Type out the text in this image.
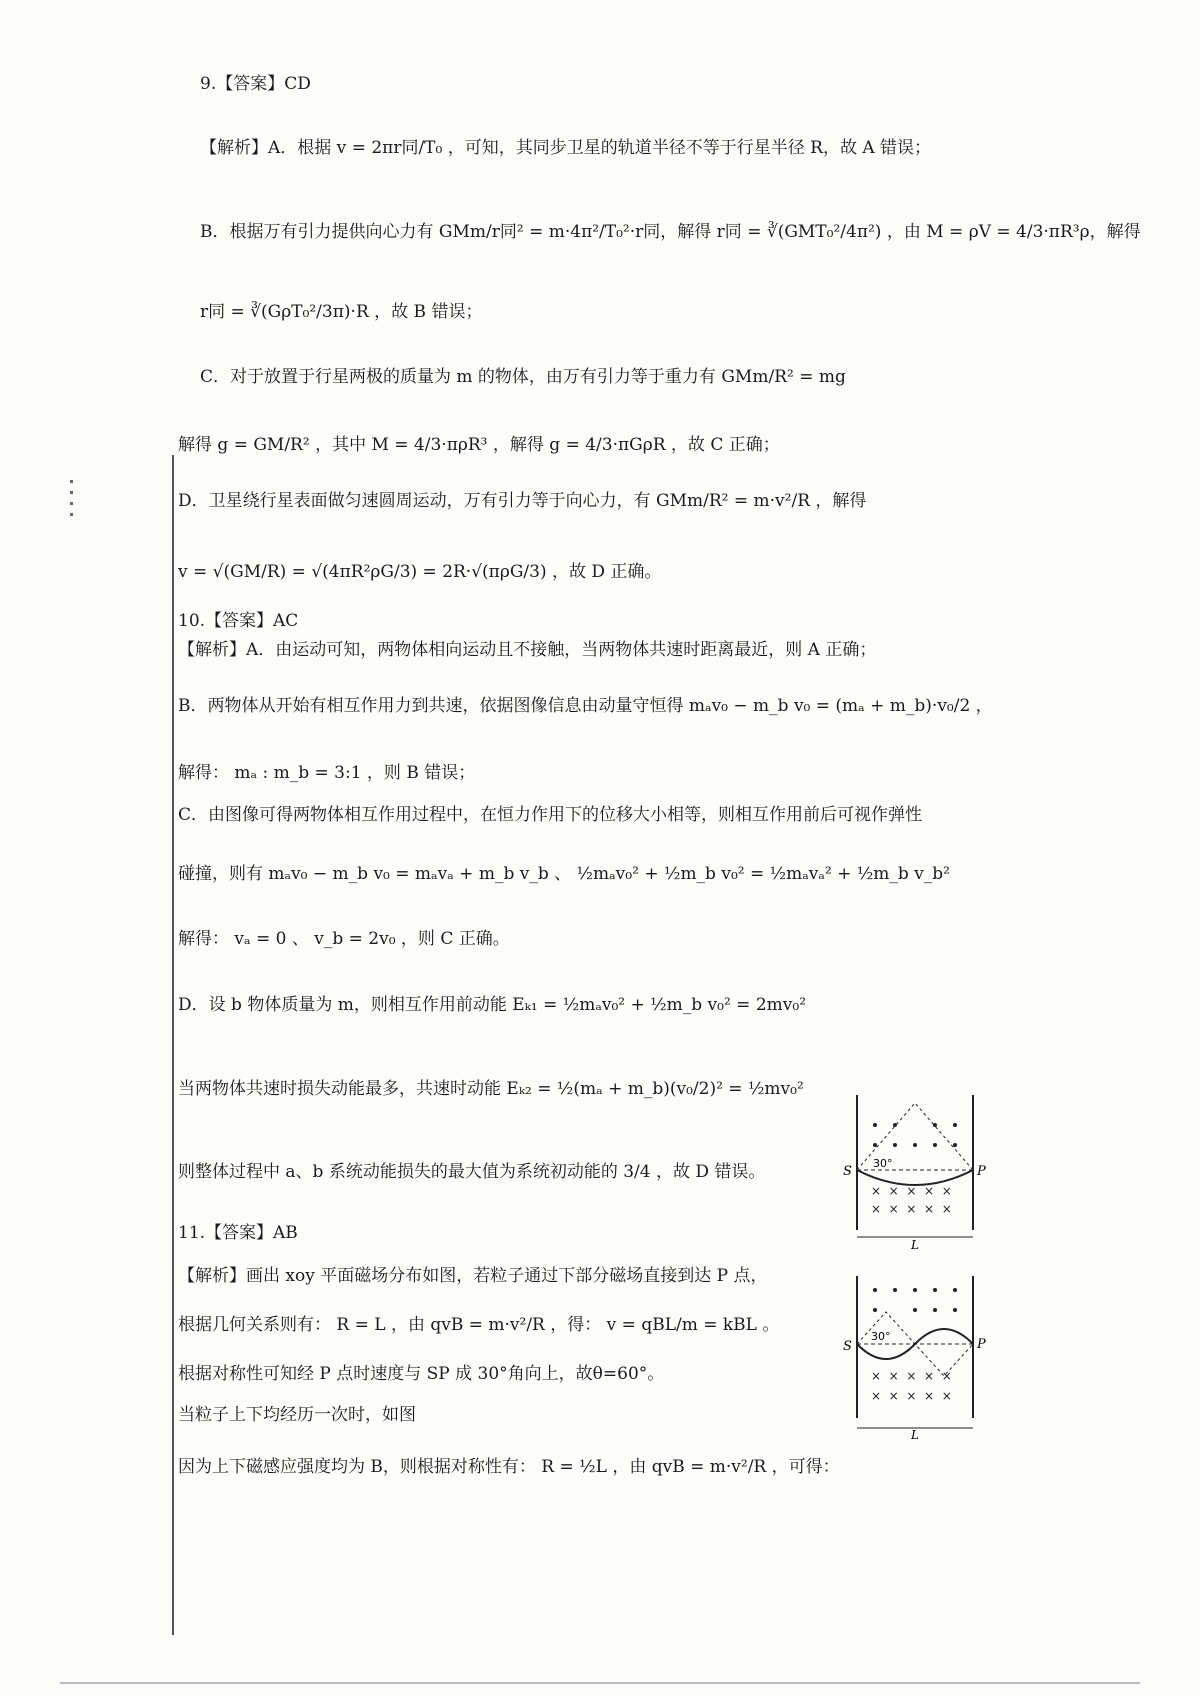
9.【答案】CD
【解析】A．根据 v = 2πr同/T₀ ，可知，其同步卫星的轨道半径不等于行星半径 R，故 A 错误；
B．根据万有引力提供向心力有 GMm/r同² = m·4π²/T₀²·r同，解得 r同 = ∛(GMT₀²/4π²) ，由 M = ρV = 4/3·πR³ρ，解得
r同 = ∛(GρT₀²/3π)·R ，故 B 错误；
C．对于放置于行星两极的质量为 m 的物体，由万有引力等于重力有 GMm/R² = mg
解得 g = GM/R² ，其中 M = 4/3·πρR³ ，解得 g = 4/3·πGρR ，故 C 正确；
D．卫星绕行星表面做匀速圆周运动，万有引力等于向心力，有 GMm/R² = m·v²/R ，解得
v = √(GM/R) = √(4πR²ρG/3) = 2R·√(πρG/3) ，故 D 正确。
10.【答案】AC
【解析】A．由运动可知，两物体相向运动且不接触，当两物体共速时距离最近，则 A 正确；
B．两物体从开始有相互作用力到共速，依据图像信息由动量守恒得 mₐv₀ − m_b v₀ = (mₐ + m_b)·v₀/2 ，
解得： mₐ : m_b = 3:1 ，则 B 错误；
C．由图像可得两物体相互作用过程中，在恒力作用下的位移大小相等，则相互作用前后可视作弹性
碰撞，则有 mₐv₀ − m_b v₀ = mₐvₐ + m_b v_b 、 ½mₐv₀² + ½m_b v₀² = ½mₐvₐ² + ½m_b v_b²
解得： vₐ = 0 、 v_b = 2v₀ ，则 C 正确。
D．设 b 物体质量为 m，则相互作用前动能 Eₖ₁ = ½mₐv₀² + ½m_b v₀² = 2mv₀²
当两物体共速时损失动能最多，共速时动能 Eₖ₂ = ½(mₐ + m_b)(v₀/2)² = ½mv₀²
则整体过程中 a、b 系统动能损失的最大值为系统初动能的 3/4 ，故 D 错误。
11.【答案】AB
【解析】画出 xoy 平面磁场分布如图，若粒子通过下部分磁场直接到达 P 点，
根据几何关系则有： R = L ，由 qvB = m·v²/R ，得： v = qBL/m = kBL 。
根据对称性可知经 P 点时速度与 SP 成 30°角向上，故θ=60°。
当粒子上下均经历一次时，如图
因为上下磁感应强度均为 B，则根据对称性有： R = ½L ，由 qvB = m·v²/R ，可得：
×  ×  ×  ×  ×
×  ×  ×  ×  ×
S	P
30°
L
×  ×  ×  ×  ×
×  ×  ×  ×  ×
S	P
30°
L
